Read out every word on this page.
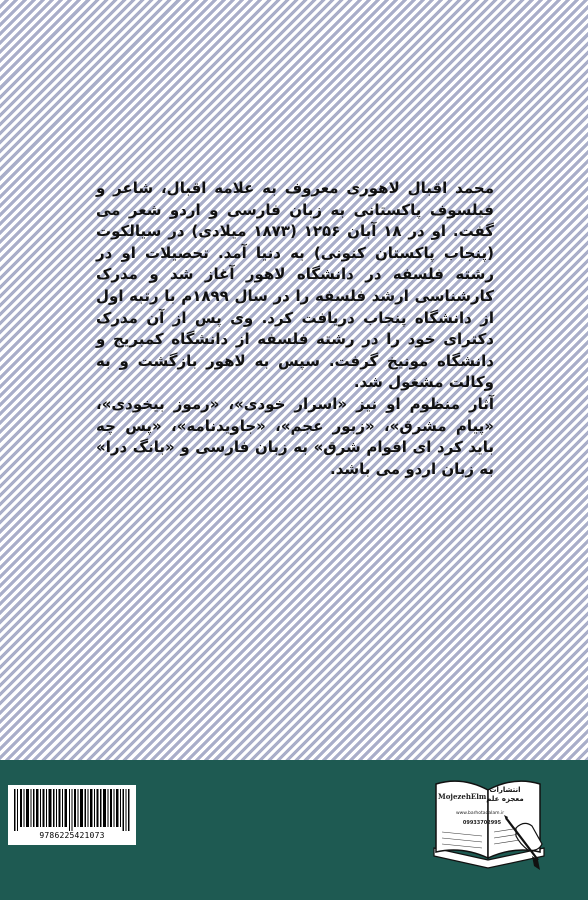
محمد اقبال لاهوری معروف به علامه اقبال، شاعر و فیلسوف پاکستانی به زبان فارسی و اردو شعر می گفت. او در ۱۸ آبان ۱۲۵۶ (۱۸۷۳ میلادی) در سیالکوت (پنجاب پاکستان کنونی) به دنیا آمد. تحصیلات او در رشته فلسفه در دانشگاه لاهور آغاز شد و مدرک کارشناسی ارشد فلسفه را در سال ۱۸۹۹م با رتبه اول از دانشگاه پنجاب دریافت کرد. وی پس از آن مدرک دکترای خود را در رشته فلسفه از دانشگاه کمبریج و دانشگاه مونیخ گرفت. سپس به لاهور بازگشت و به وکالت مشغول شد.

آثار منظوم او نیز «اسرار خودی»، «رموز بیخودی»، «پیام مشرق»، «زبور عجم»، «جاویدنامه»، «پس چه باید کرد ای اقوام شرق» به زبان فارسی و «بانگ درا» به زبان اردو می باشد.

9786225421073
انتشارات معجزه علم
MojezehElm
www.barhotaqalam.ir
09933702995
